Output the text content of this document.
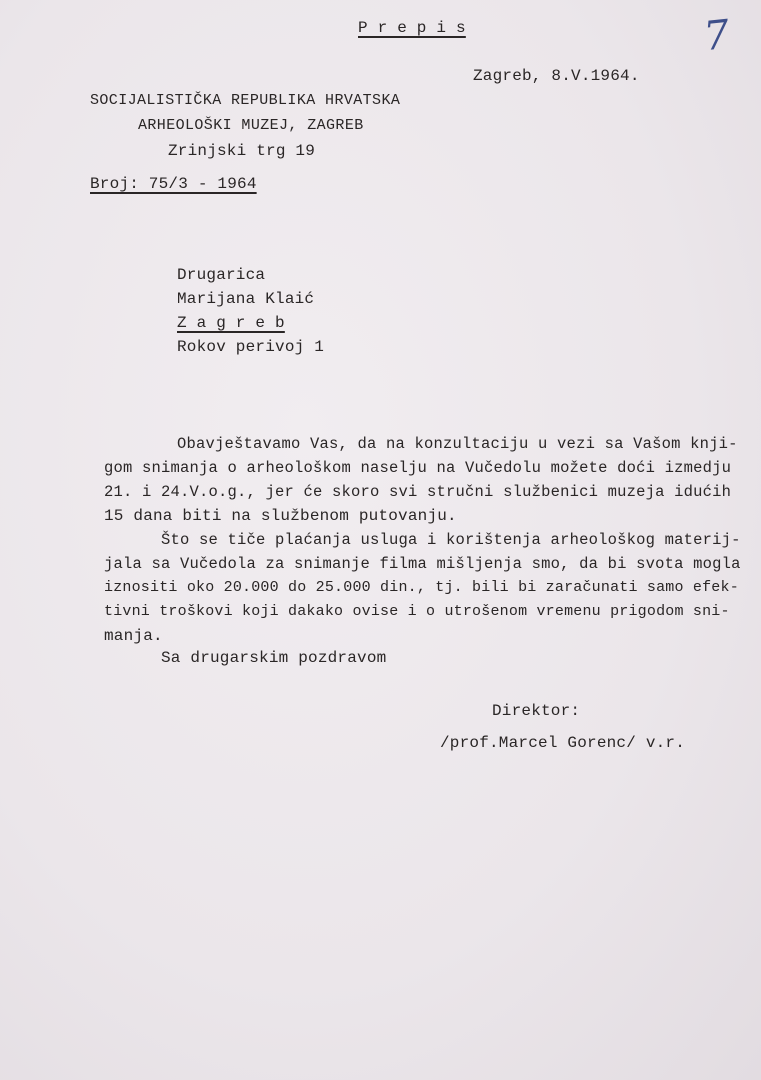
P r e p i s	7
Zagreb, 8.V.1964.
SOCIJALISTIČKA REPUBLIKA HRVATSKA
ARHEOLOŠKI MUZEJ, ZAGREB
Zrinjski trg 19
Broj: 75/3 - 1964
Drugarica
Marijana Klaić
Z a g r e b
Rokov perivoj 1
Obavještavamo Vas, da na konzultaciju u vezi sa Vašom knji-
gom snimanja o arheološkom naselju na Vučedolu možete doći izmedju
21. i 24.V.o.g., jer će skoro svi stručni službenici muzeja idućih
15 dana biti na službenom putovanju.
Što se tiče plaćanja usluga i korištenja arheološkog materij-
jala sa Vučedola za snimanje filma mišljenja smo, da bi svota mogla
iznositi oko 20.000 do 25.000 din., tj. bili bi zaračunati samo efek-
tivni troškovi koji dakako ovise i o utrošenom vremenu prigodom sni-
manja.
Sa drugarskim pozdravom
Direktor:
/prof.Marcel Gorenc/ v.r.
